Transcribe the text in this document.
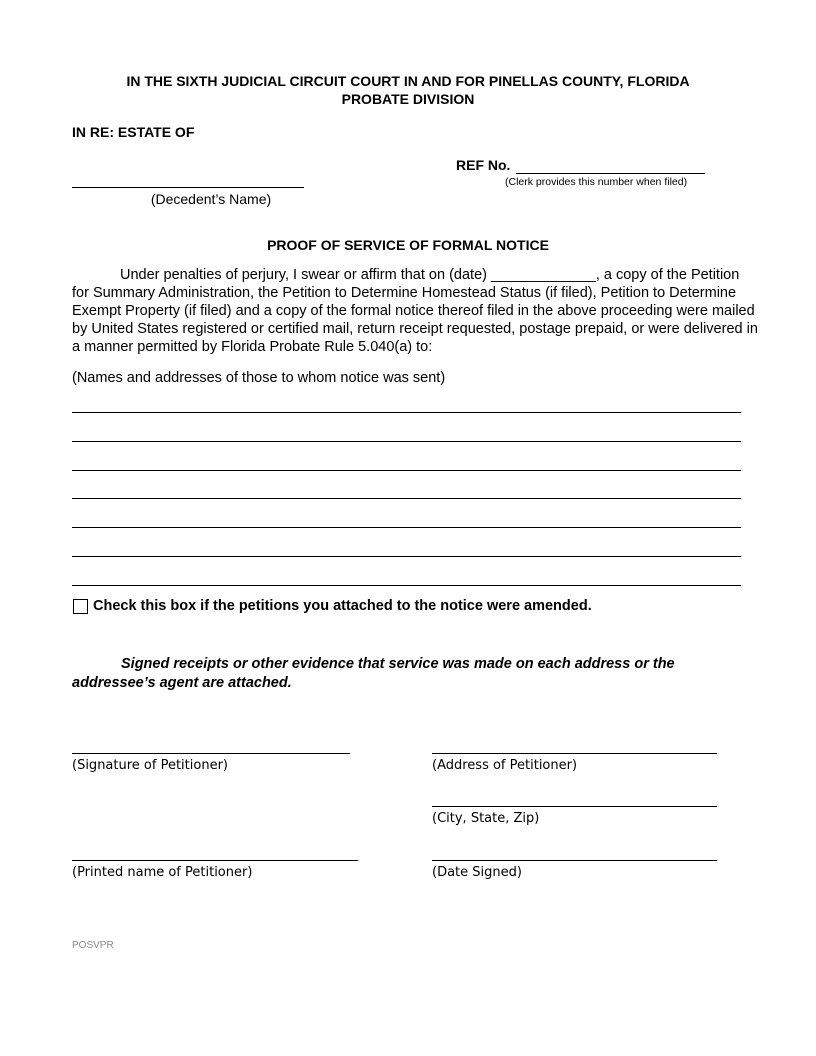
IN THE SIXTH JUDICIAL CIRCUIT COURT IN AND FOR PINELLAS COUNTY, FLORIDA
PROBATE DIVISION
IN RE: ESTATE OF
REF No.
(Clerk provides this number when filed)
(Decedent’s Name)
PROOF OF SERVICE OF FORMAL NOTICE
Under penalties of perjury, I swear or affirm that on (date) _____________, a copy of the Petition
for Summary Administration, the Petition to Determine Homestead Status (if filed), Petition to Determine
Exempt Property (if filed) and a copy of the formal notice thereof filed in the above proceeding were mailed
by United States registered or certified mail, return receipt requested, postage prepaid, or were delivered in
a manner permitted by Florida Probate Rule 5.040(a) to:
(Names and addresses of those to whom notice was sent)
Check this box if the petitions you attached to the notice were amended.
Signed receipts or other evidence that service was made on each address or the
addressee’s agent are attached.
(Signature of Petitioner)	(Address of Petitioner)
(City, State, Zip)
(Printed name of Petitioner)	(Date Signed)
POSVPR
